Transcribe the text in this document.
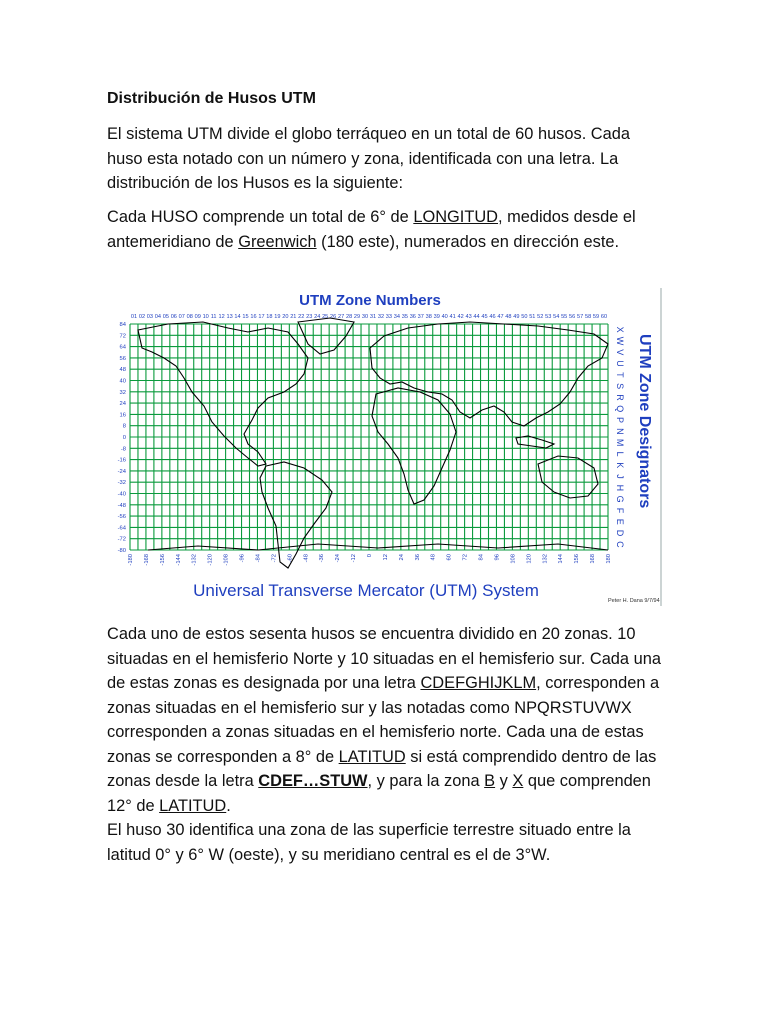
Distribución de Husos UTM

El sistema UTM divide el globo terráqueo en un total de 60 husos. Cada huso esta notado con un número y zona, identificada con una letra. La distribución de los Husos es la siguiente:

Cada HUSO comprende un total de 6° de LONGITUD, medidos desde el antemeridiano de Greenwich (180 este), numerados en dirección este.

01 02 03 04 05 06 07 08 09 10 11 12 13 14 15 16 17 18 19 20 21 22 23 24 25 26 27 28 29 30 31 32 33 34 35 36 37 38 39 40 41 42 43 44 45 46 47 48 49 50 51 52 53 54 55 56 57 58 59 60
84
72
64
56
48
40
32
24
16
8
0
-8
-16
-24
-32
-40
-48
-56
-64
-72
-80
-180 -168 -156 -144 -132 -120 -108 -96 -84 -72 -60 -48 -36 -24 -12 0 12 24 36 48 60 72 84 96 108 120 132 144 156 168 180
X
W
V
U
T
S
R
Q
P
N
M
L
K
J
H
G
F
E
D
C
UTM Zone Numbers
Universal Transverse Mercator (UTM) System
Peter H. Dana 9/7/94
UTM Zone Designators

Cada uno de estos sesenta husos se encuentra dividido en 20 zonas. 10 situadas en el hemisferio Norte y 10 situadas en el hemisferio sur. Cada una de estas zonas es designada por una letra CDEFGHIJKLM, corresponden a zonas situadas en el hemisferio sur y las notadas como NPQRSTUVWX corresponden a zonas situadas en el hemisferio norte. Cada una de estas zonas se corresponden a 8° de LATITUD si está comprendido dentro de las zonas desde la letra CDEF…STUW, y para la zona B y X que comprenden 12° de LATITUD.

El huso 30 identifica una zona de las superficie terrestre situado entre la latitud 0° y 6° W (oeste), y su meridiano central es el de 3°W.
